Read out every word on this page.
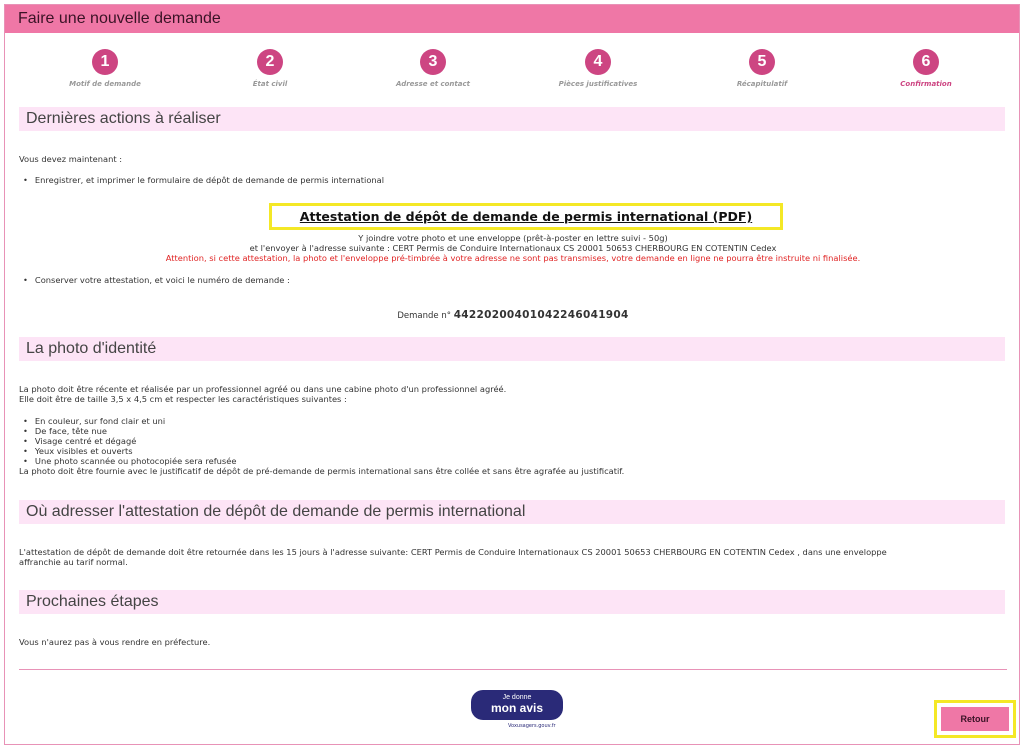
Faire une nouvelle demande
1
Motif de demande
2
État civil
3
Adresse et contact
4
Pièces justificatives
5
Récapitulatif
6
Confirmation
Dernières actions à réaliser
Vous devez maintenant :
• Enregistrer, et imprimer le formulaire de dépôt de demande de permis international
Attestation de dépôt de demande de permis international (PDF)
Y joindre votre photo et une enveloppe (prêt-à-poster en lettre suivi - 50g)
et l'envoyer à l'adresse suivante : CERT Permis de Conduire Internationaux CS 20001 50653 CHERBOURG EN COTENTIN Cedex
Attention, si cette attestation, la photo et l'enveloppe pré-timbrée à votre adresse ne sont pas transmises, votre demande en ligne ne pourra être instruite ni finalisée.
• Conserver votre attestation, et voici le numéro de demande :
Demande n° 44220200401042246041904
La photo d'identité
La photo doit être récente et réalisée par un professionnel agréé ou dans une cabine photo d'un professionnel agréé.
Elle doit être de taille 3,5 x 4,5 cm et respecter les caractéristiques suivantes :
• En couleur, sur fond clair et uni
• De face, tête nue
• Visage centré et dégagé
• Yeux visibles et ouverts
• Une photo scannée ou photocopiée sera refusée
La photo doit être fournie avec le justificatif de dépôt de pré-demande de permis international sans être collée et sans être agrafée au justificatif.
Où adresser l'attestation de dépôt de demande de permis international
L'attestation de dépôt de demande doit être retournée dans les 15 jours à l'adresse suivante: CERT Permis de Conduire Internationaux CS 20001 50653 CHERBOURG EN COTENTIN Cedex , dans une enveloppe
affranchie au tarif normal.
Prochaines étapes
Vous n'aurez pas à vous rendre en préfecture.
Je donne
mon avis
Voxusagers.gouv.fr
Retour
